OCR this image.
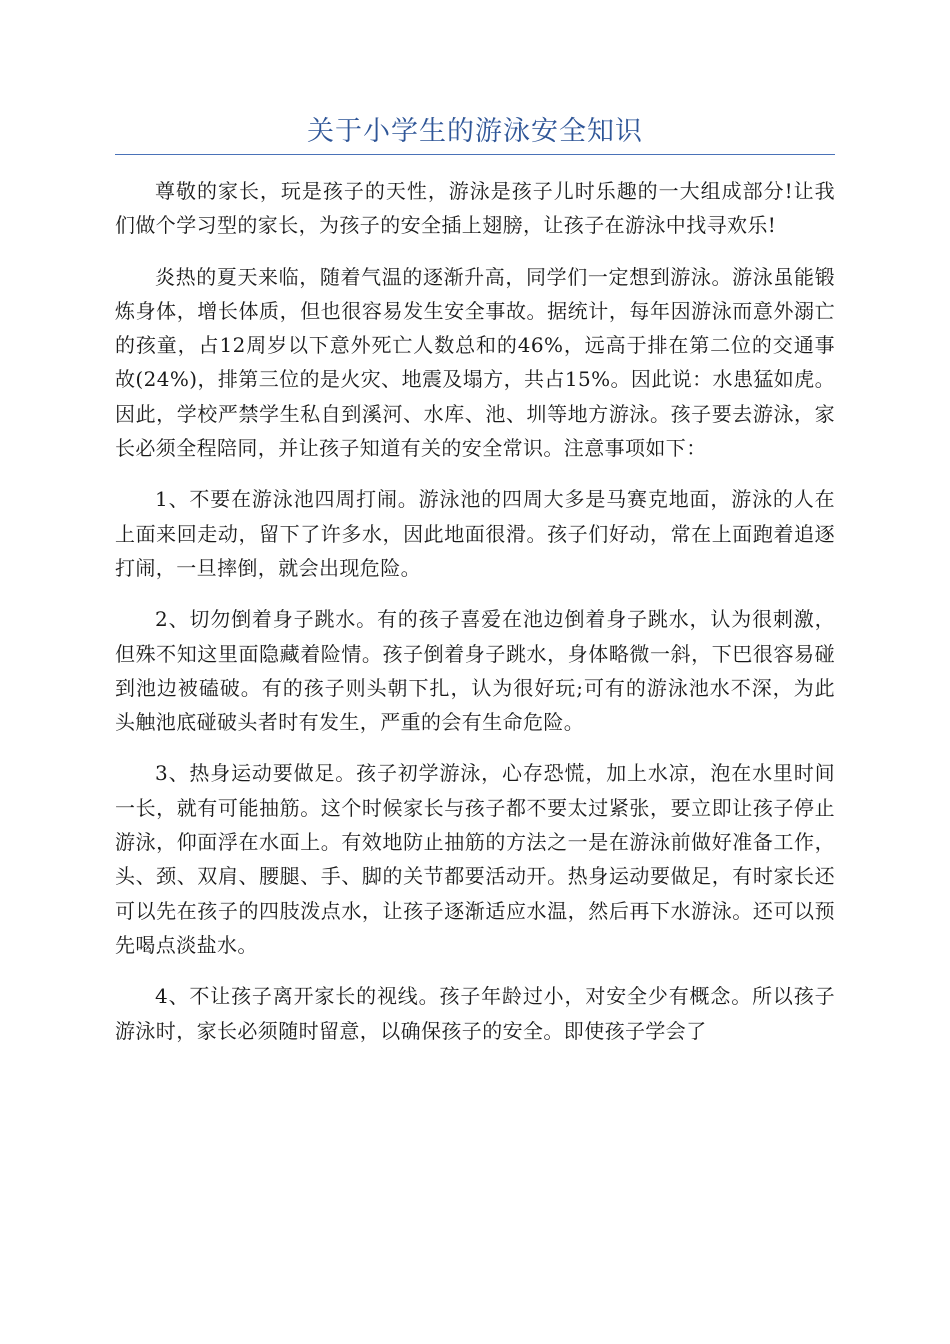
关于小学生的游泳安全知识

尊敬的家长，玩是孩子的天性，游泳是孩子儿时乐趣的一大组成部分!让我们做个学习型的家长，为孩子的安全插上翅膀，让孩子在游泳中找寻欢乐!

炎热的夏天来临，随着气温的逐渐升高，同学们一定想到游泳。游泳虽能锻炼身体，增长体质，但也很容易发生安全事故。据统计，每年因游泳而意外溺亡的孩童，占12周岁以下意外死亡人数总和的46%，远高于排在第二位的交通事故(24%)，排第三位的是火灾、地震及塌方，共占15%。因此说：水患猛如虎。因此，学校严禁学生私自到溪河、水库、池、圳等地方游泳。孩子要去游泳，家长必须全程陪同，并让孩子知道有关的安全常识。注意事项如下：

1、不要在游泳池四周打闹。游泳池的四周大多是马赛克地面，游泳的人在上面来回走动，留下了许多水，因此地面很滑。孩子们好动，常在上面跑着追逐打闹，一旦摔倒，就会出现危险。

2、切勿倒着身子跳水。有的孩子喜爱在池边倒着身子跳水，认为很刺激，但殊不知这里面隐藏着险情。孩子倒着身子跳水，身体略微一斜，下巴很容易碰到池边被磕破。有的孩子则头朝下扎，认为很好玩;可有的游泳池水不深，为此头触池底碰破头者时有发生，严重的会有生命危险。

3、热身运动要做足。孩子初学游泳，心存恐慌，加上水凉，泡在水里时间一长，就有可能抽筋。这个时候家长与孩子都不要太过紧张，要立即让孩子停止游泳，仰面浮在水面上。有效地防止抽筋的方法之一是在游泳前做好准备工作，头、颈、双肩、腰腿、手、脚的关节都要活动开。热身运动要做足，有时家长还可以先在孩子的四肢泼点水，让孩子逐渐适应水温，然后再下水游泳。还可以预先喝点淡盐水。

4、不让孩子离开家长的视线。孩子年龄过小，对安全少有概念。所以孩子游泳时，家长必须随时留意，以确保孩子的安全。即使孩子学会了
